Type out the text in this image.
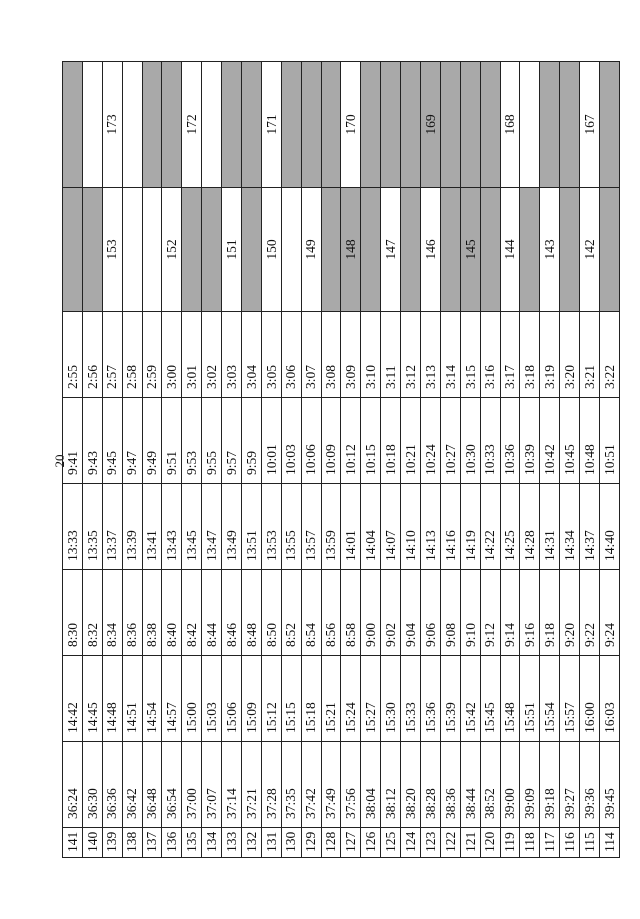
20
141	36:24	14:42	8:30	13:33	9:41	2:55		
140	36:30	14:45	8:32	13:35	9:43	2:56		
139	36:36	14:48	8:34	13:37	9:45	2:57	153	173
138	36:42	14:51	8:36	13:39	9:47	2:58		
137	36:48	14:54	8:38	13:41	9:49	2:59		
136	36:54	14:57	8:40	13:43	9:51	3:00	152	
135	37:00	15:00	8:42	13:45	9:53	3:01		172
134	37:07	15:03	8:44	13:47	9:55	3:02		
133	37:14	15:06	8:46	13:49	9:57	3:03	151	
132	37:21	15:09	8:48	13:51	9:59	3:04		
131	37:28	15:12	8:50	13:53	10:01	3:05	150	171
130	37:35	15:15	8:52	13:55	10:03	3:06		
129	37:42	15:18	8:54	13:57	10:06	3:07	149	
128	37:49	15:21	8:56	13:59	10:09	3:08		
127	37:56	15:24	8:58	14:01	10:12	3:09	148	170
126	38:04	15:27	9:00	14:04	10:15	3:10		
125	38:12	15:30	9:02	14:07	10:18	3:11	147	
124	38:20	15:33	9:04	14:10	10:21	3:12		
123	38:28	15:36	9:06	14:13	10:24	3:13	146	169
122	38:36	15:39	9:08	14:16	10:27	3:14		
121	38:44	15:42	9:10	14:19	10:30	3:15	145	
120	38:52	15:45	9:12	14:22	10:33	3:16		
119	39:00	15:48	9:14	14:25	10:36	3:17	144	168
118	39:09	15:51	9:16	14:28	10:39	3:18		
117	39:18	15:54	9:18	14:31	10:42	3:19	143	
116	39:27	15:57	9:20	14:34	10:45	3:20		
115	39:36	16:00	9:22	14:37	10:48	3:21	142	167
114	39:45	16:03	9:24	14:40	10:51	3:22		
